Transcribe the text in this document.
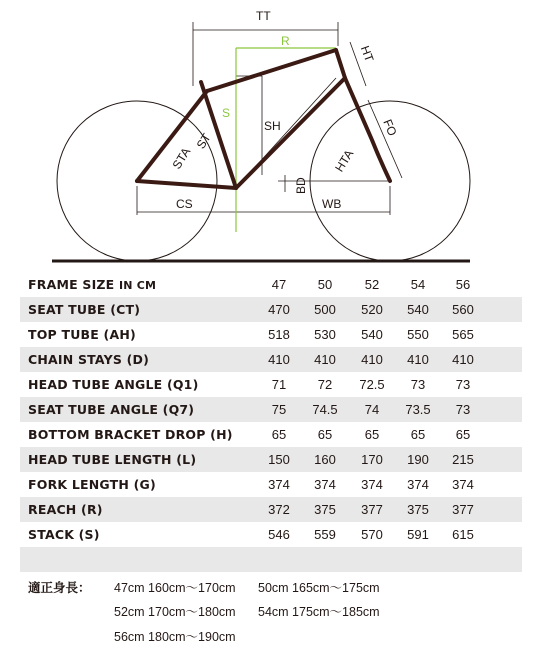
TT
R
HT
S
SH
STA
ST
HTA
FO
BD
CS	WB
FRAME SIZE IN CM	47	50	52	54	56
SEAT TUBE (CT)	470	500	520	540	560
TOP TUBE (AH)	518	530	540	550	565
CHAIN STAYS (D)	410	410	410	410	410
HEAD TUBE ANGLE (Q1)	71	72	72.5	73	73
SEAT TUBE ANGLE (Q7)	75	74.5	74	73.5	73
BOTTOM BRACKET DROP (H)	65	65	65	65	65
HEAD TUBE LENGTH (L)	150	160	170	190	215
FORK LENGTH (G)	374	374	374	374	374
REACH (R)	372	375	377	375	377
STACK (S)	546	559	570	591	615
適正身長： 47cm 160cm～170cm 50cm 165cm～175cm
52cm 170cm～180cm 54cm 175cm～185cm
56cm 180cm～190cm
